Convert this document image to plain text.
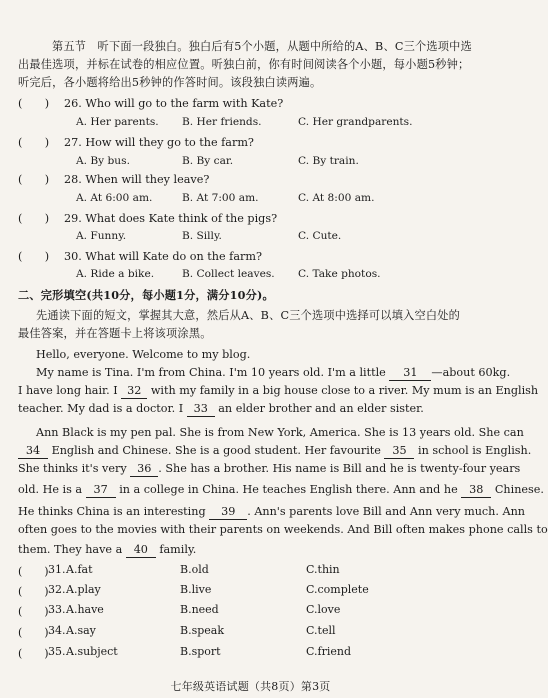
第五节　听下面一段独白。独白后有5个小题，从题中所给的A、B、C三个选项中选
出最佳选项，并标在试卷的相应位置。听独白前，你有时间阅读各个小题，每小题5秒钟；
听完后，各小题将给出5秒钟的作答时间。该段独白读两遍。
(　　) 26. Who will go to the farm with Kate?
A. Her parents. B. Her friends.	C. Her grandparents.
(　　) 27. How will they go to the farm?
A. By bus.	B. By car.	C. By train.
(　　) 28. When will they leave?
A. At 6:00 am.	B. At 7:00 am.	C. At 8:00 am.
(　　) 29. What does Kate think of the pigs?
A. Funny.	B. Silly.	C. Cute.
(　　) 30. What will Kate do on the farm?
A. Ride a bike.	B. Collect leaves. C. Take photos.
二、完形填空(共10分，每小题1分，满分10分)。
先通读下面的短文，掌握其大意，然后从A、B、C三个选项中选择可以填入空白处的
最佳答案，并在答题卡上将该项涂黑。
Hello, everyone. Welcome to my blog.
My name is Tina. I'm from China. I'm 10 years old. I'm a little 31 —about 60kg.
I have long hair. I 32 with my family in a big house close to a river. My mum is an English
teacher. My dad is a doctor. I 33 an elder brother and an elder sister.
Ann Black is my pen pal. She is from New York, America. She is 13 years old. She can
34 English and Chinese. She is a good student. Her favourite 35 in school is English.
She thinks it's very 36 . She has a brother. His name is Bill and he is twenty-four years
old. He is a 37 in a college in China. He teaches English there. Ann and he 38 Chinese.
He thinks China is an interesting 39 . Ann's parents love Bill and Ann very much. Ann
often goes to the movies with their parents on weekends. And Bill often makes phone calls to
them. They have a 40 family.
(　　) 31. A.fat	B.old	C.thin
(　　) 32. A.play	B.live	C.complete
(　　) 33. A.have	B.need	C.love
(　　) 34. A.say	B.speak	C.tell
(　　) 35. A.subject	B.sport	C.friend
七年级英语试题（共8页）第3页
